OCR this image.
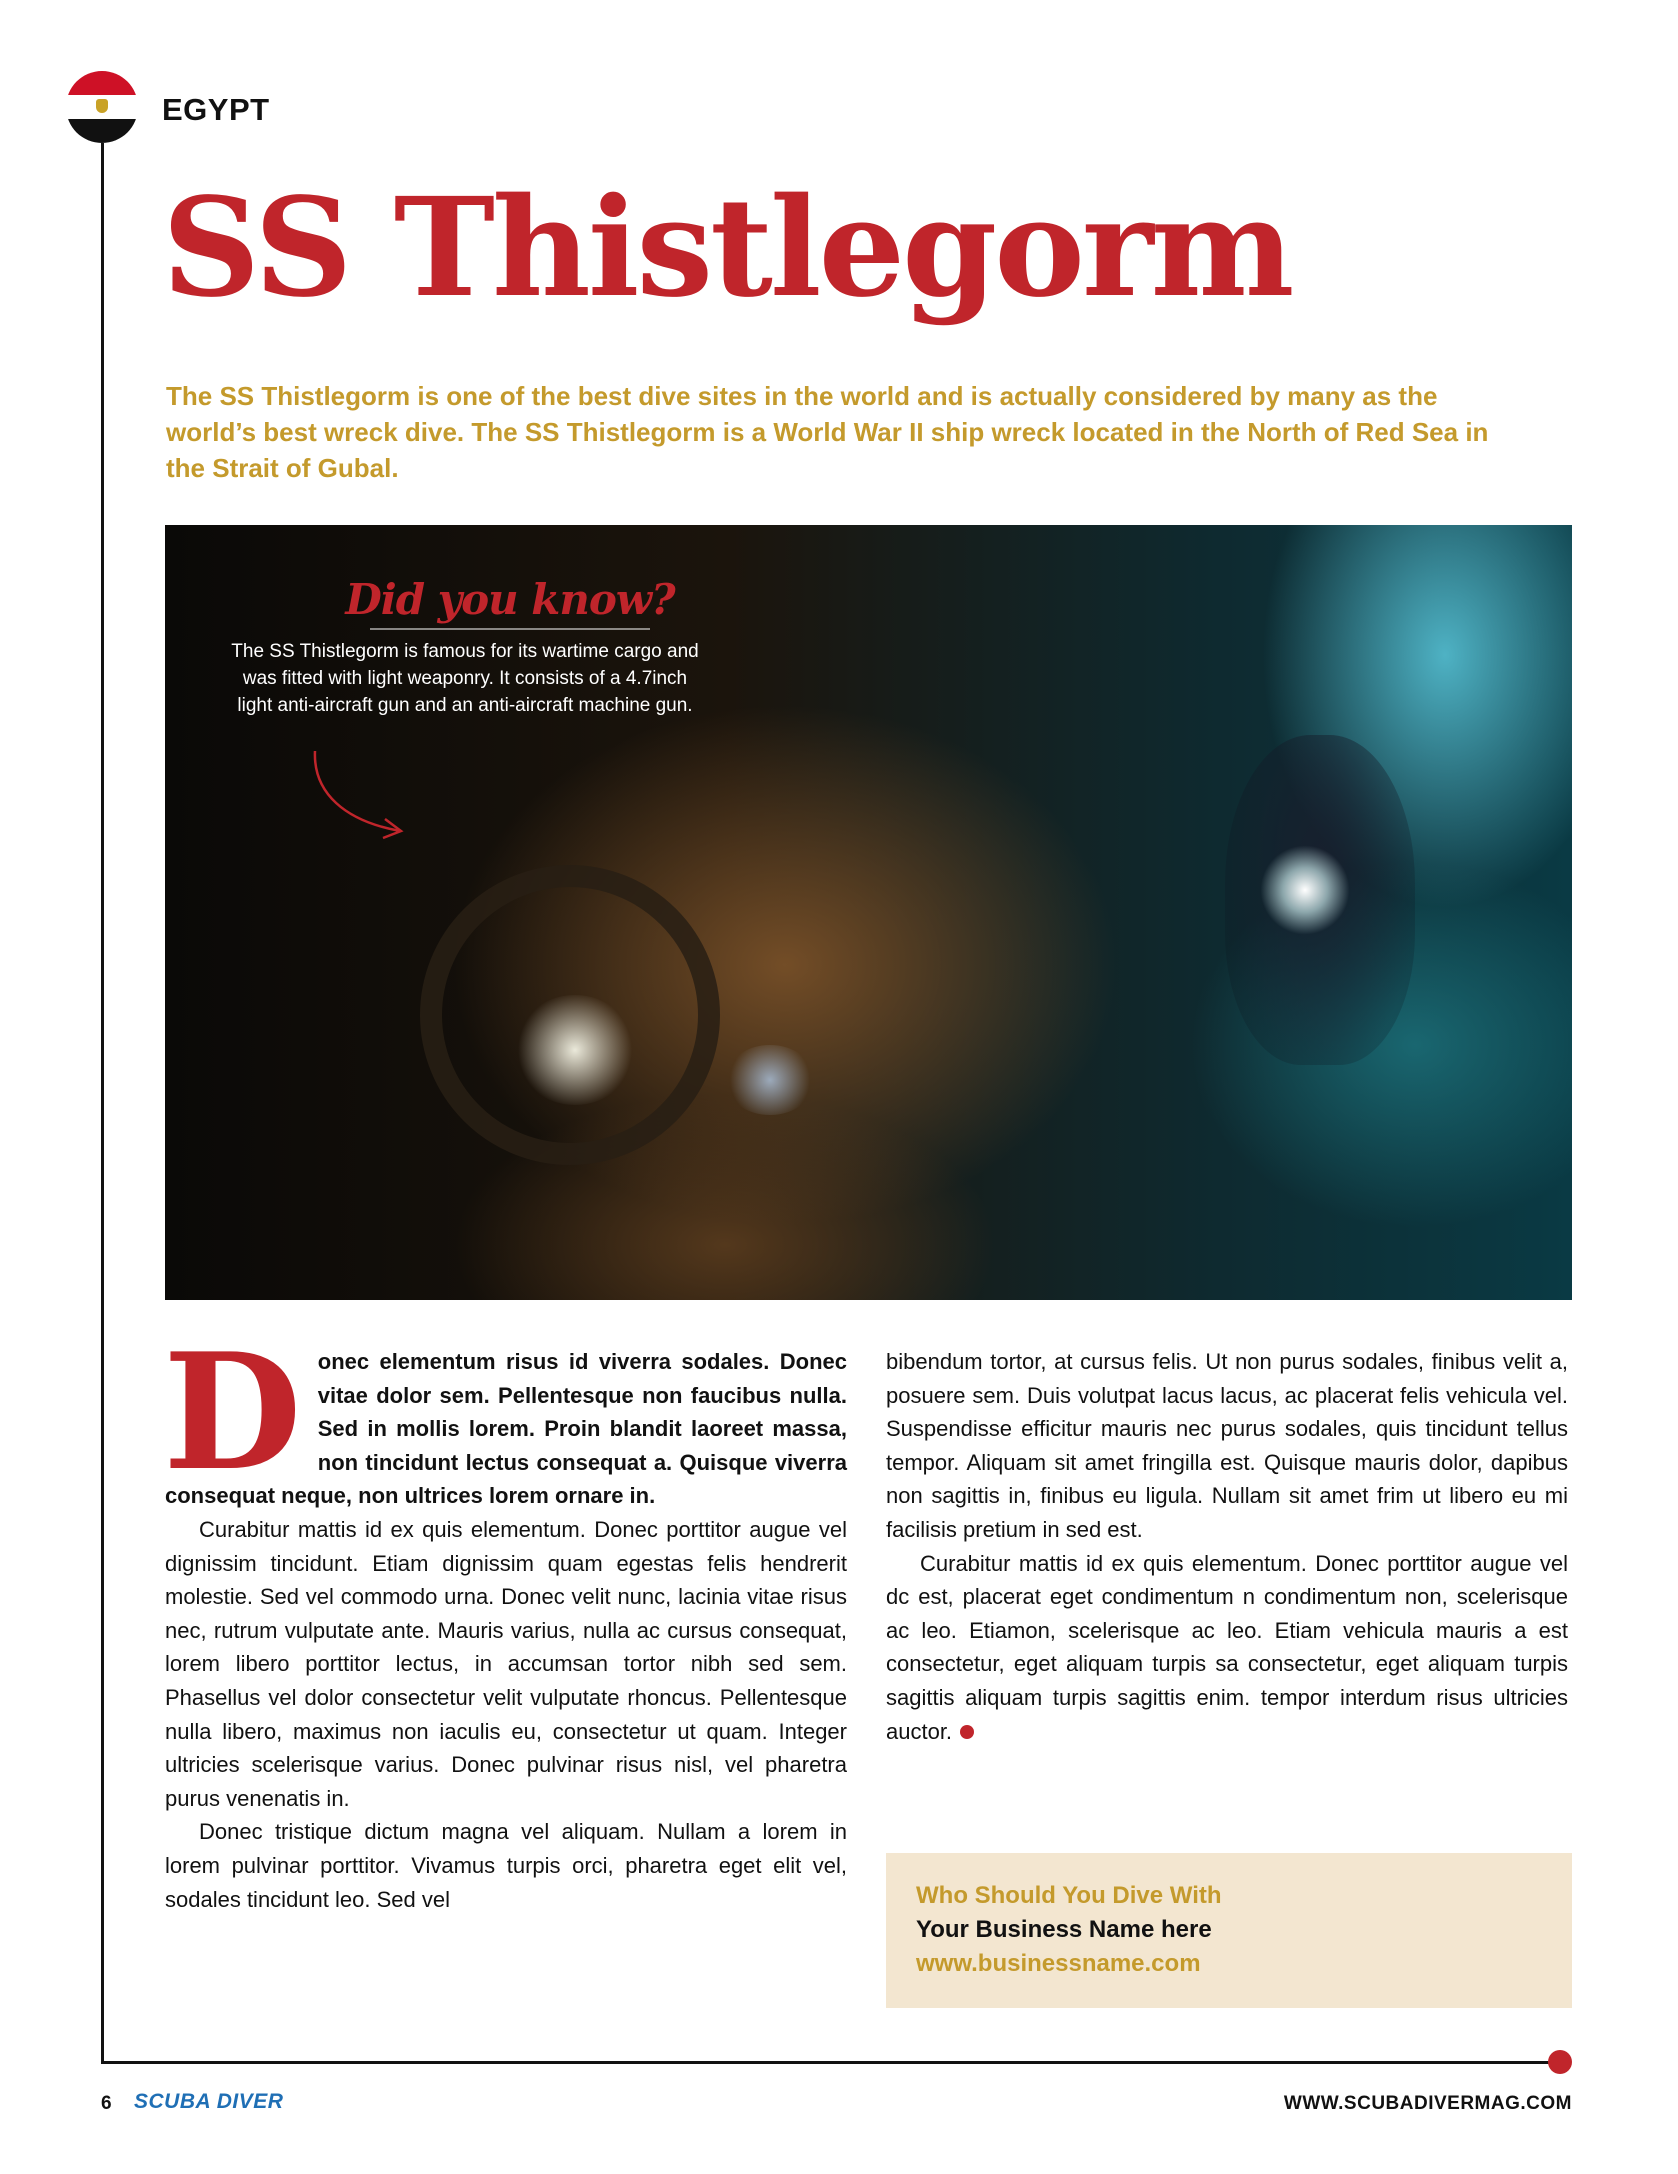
EGYPT
SS Thistlegorm

The SS Thistlegorm is one of the best dive sites in the world and is actually considered by many as the world’s best wreck dive. The SS Thistlegorm is a World War II ship wreck located in the North of Red Sea in the Strait of Gubal.

Did you know?

The SS Thistlegorm is famous for its wartime cargo and was fitted with light weaponry. It consists of a 4.7inch light anti-aircraft gun and an anti-aircraft machine gun.

D onec elementum risus id viverra sodales. Donec vitae dolor sem. Pellentesque non faucibus nulla. Sed in mollis lorem. Proin blandit laoreet massa, non tincidunt lectus consequat a. Quisque viverra consequat neque, non ultrices lorem ornare in.

Curabitur mattis id ex quis elementum. Donec porttitor augue vel dignissim tincidunt. Etiam dignissim quam egestas felis hendrerit molestie. Sed vel commodo urna. Donec velit nunc, lacinia vitae risus nec, rutrum vulputate ante. Mauris varius, nulla ac cursus consequat, lorem libero porttitor lectus, in accumsan tortor nibh sed sem. Phasellus vel dolor consectetur velit vulputate rhoncus. Pellentesque nulla libero, maximus non iaculis eu, consectetur ut quam. Integer ultricies scelerisque varius. Donec pulvinar risus nisl, vel pharetra purus venenatis in.

Donec tristique dictum magna vel aliquam. Nullam a lorem in lorem pulvinar porttitor. Vivamus turpis orci, pharetra eget elit vel, sodales tincidunt leo. Sed vel

bibendum tortor, at cursus felis. Ut non purus sodales, finibus velit a, posuere sem. Duis volutpat lacus lacus, ac placerat felis vehicula vel. Suspendisse efficitur mauris nec purus sodales, quis tincidunt tellus tempor. Aliquam sit amet fringilla est. Quisque mauris dolor, dapibus non sagittis in, finibus eu ligula. Nullam sit amet frim ut libero eu mi facilisis pretium in sed est.

Curabitur mattis id ex quis elementum. Donec porttitor augue vel dc est, placerat eget condimentum n condimentum non, scelerisque ac leo. Etiamon, scelerisque ac leo. Etiam vehicula mauris a est consectetur, eget aliquam turpis sa consectetur, eget aliquam turpis sagittis aliquam turpis sagittis enim. tempor interdum risus ultricies auctor.

Who Should You Dive With
Your Business Name here
www.businessname.com
6 SCUBA DIVER	WWW.SCUBADIVERMAG.COM
